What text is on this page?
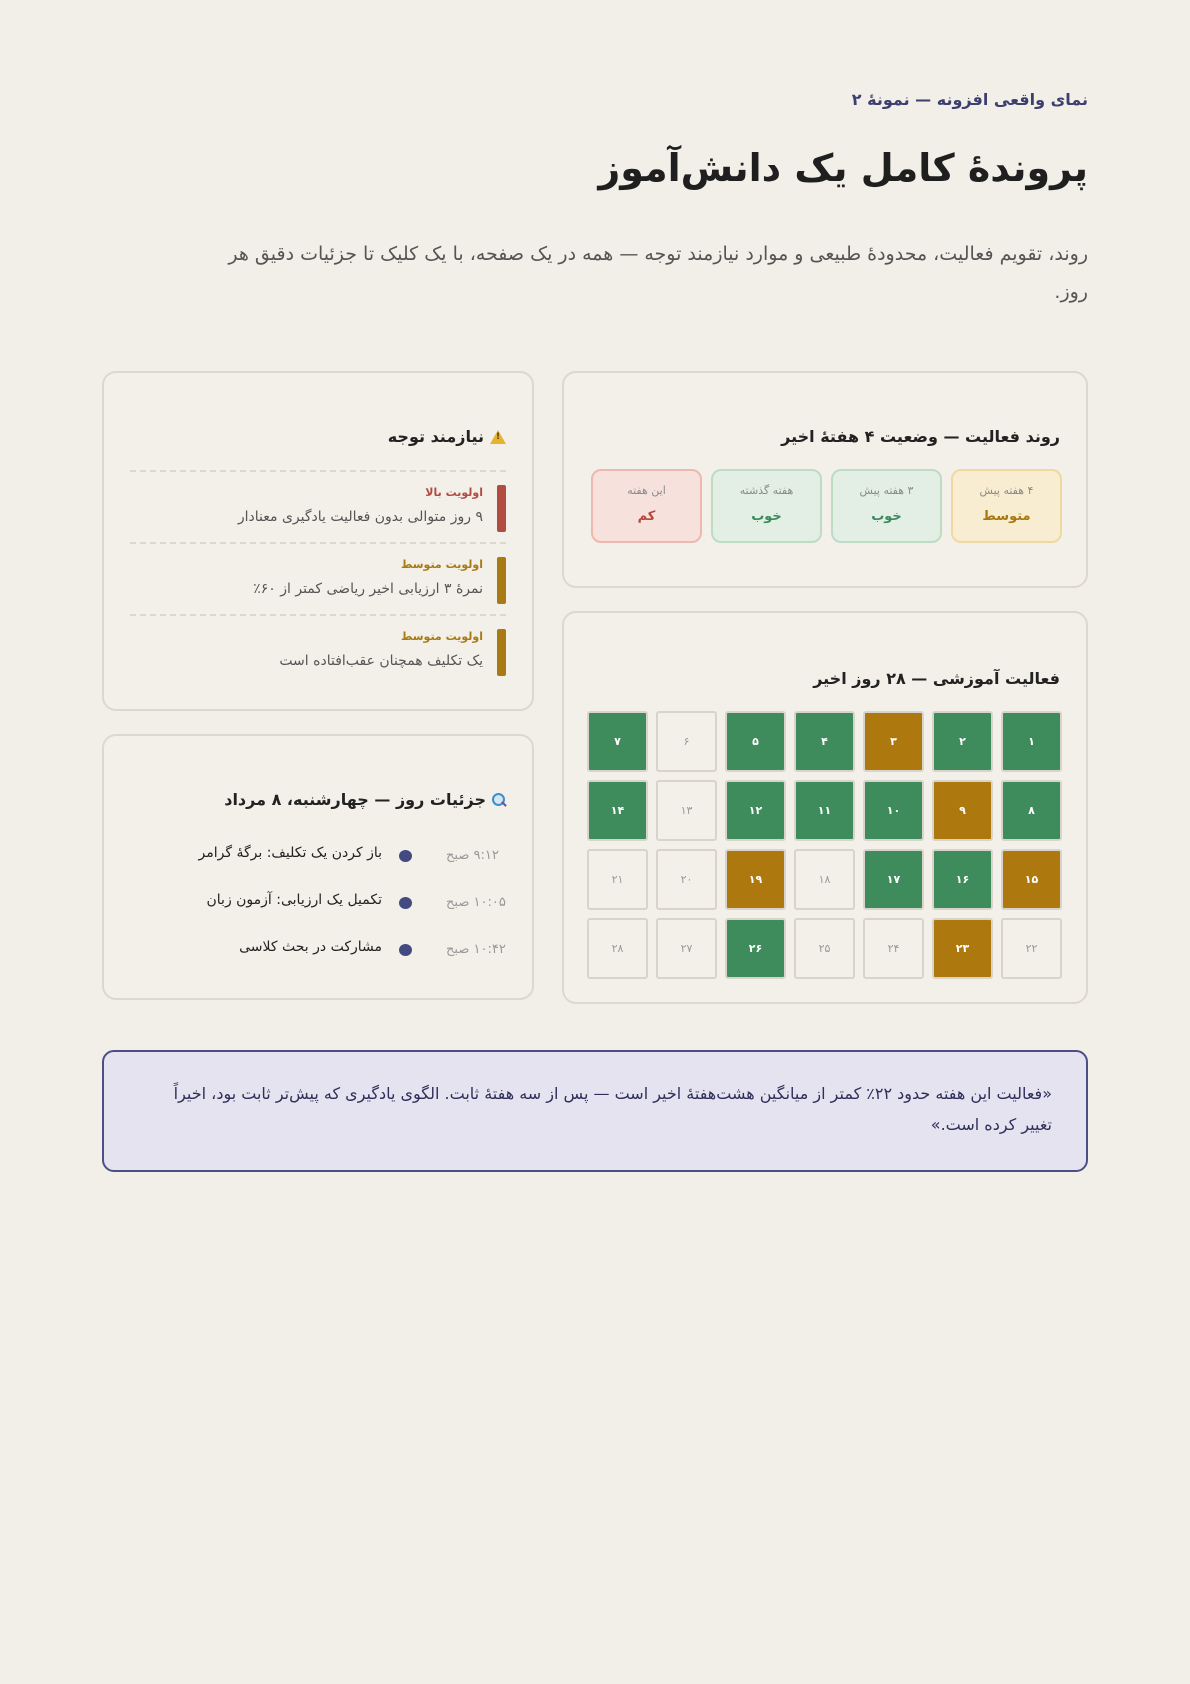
نمای واقعی افزونه — نمونهٔ ۲
پروندهٔ کامل یک دانش‌آموز

روند، تقویم فعالیت، محدودهٔ طبیعی و موارد نیازمند توجه — همه در یک صفحه، با یک کلیک تا جزئیات دقیق هر روز.

روند فعالیت — وضعیت ۴ هفتهٔ اخیر
۴ هفته پیش
متوسط
۳ هفته پیش
خوب
هفته گذشته
خوب
این هفته
کم
فعالیت آموزشی — ۲۸ روز اخیر
۱
۲
۳
۴
۵
۶
۷
۸
۹
۱۰
۱۱
۱۲
۱۳
۱۴
۱۵
۱۶
۱۷
۱۸
۱۹
۲۰
۲۱
۲۲
۲۳
۲۴
۲۵
۲۶
۲۷
۲۸
!
نیازمند توجه
اولویت بالا
۹ روز متوالی بدون فعالیت یادگیری معنادار
اولویت متوسط
نمرهٔ ۳ ارزیابی اخیر ریاضی کمتر از ۶۰٪
اولویت متوسط
یک تکلیف همچنان عقب‌افتاده است
جزئیات روز — چهارشنبه، ۸ مرداد
۹:۱۲ صبح
باز کردن یک تکلیف: برگهٔ گرامر
۱۰:۰۵ صبح
تکمیل یک ارزیابی: آزمون زبان
۱۰:۴۲ صبح
مشارکت در بحث کلاسی
«فعالیت این هفته حدود ۲۲٪ کمتر از میانگین هشت‌هفتهٔ اخیر است — پس از سه هفتهٔ ثابت. الگوی یادگیری که پیش‌تر ثابت بود، اخیراً تغییر کرده است.»
